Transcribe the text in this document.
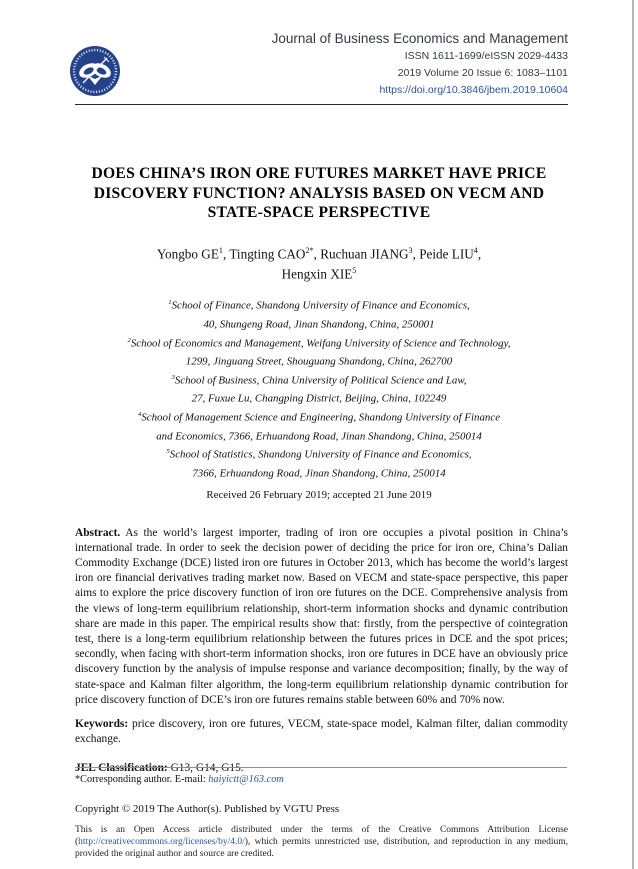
Journal of Business Economics and Management
ISSN 1611-1699/eISSN 2029-4433
2019 Volume 20 Issue 6: 1083–1101
https://doi.org/10.3846/jbem.2019.10604
DOES CHINA’S IRON ORE FUTURES MARKET HAVE PRICE
DISCOVERY FUNCTION? ANALYSIS BASED ON VECM AND
STATE-SPACE PERSPECTIVE
Yongbo $GE^1$, Tingting $CAO^{2*}$, Ruchuan JIANG$^3$, Peide LIU$^4$,
Hengxin XIE$^5$
$^1$School of Finance, Shandong University of Finance and Economics,
40, Shungeng Road, Jinan Shandong, China, 250001
$^2$School of Economics and Management, Weifang University of Science and Technology,
1299, Jinguang Street, Shouguang Shandong, China, 262700
$^3$School of Business, China University of Political Science and Law,
27, Fuxue Lu, Changping District, Beijing, China, 102249
$^4$School of Management Science and Engineering, Shandong University of Finance
and Economics, 7366, Erhuandong Road, Jinan Shandong, China, 250014
$^5$School of Statistics, Shandong University of Finance and Economics,
7366, Erhuandong Road, Jinan Shandong, China, 250014
Received 26 February 2019; accepted 21 June 2019
Abstract. As the world’s largest importer, trading of iron ore occupies a pivotal position in China’s international trade. In order to seek the decision power of deciding the price for iron ore, China’s Dalian Commodity Exchange (DCE) listed iron ore futures in October 2013, which has become the world’s largest iron ore financial derivatives trading market now. Based on VECM and state-space perspective, this paper aims to explore the price discovery function of iron ore futures on the DCE. Comprehensive analysis from the views of long-term equilibrium relationship, short-term information shocks and dynamic contribution share are made in this paper. The empirical results show that: firstly, from the perspective of cointegration test, there is a long-term equilibrium relationship between the futures prices in DCE and the spot prices; secondly, when facing with short-term information shocks, iron ore futures in DCE have an obviously price discovery function by the analysis of impulse response and variance decomposition; finally, by the way of state-space and Kalman filter algorithm, the long-term equilibrium relationship dynamic contribution for price discovery function of DCE’s iron ore futures remains stable between 60% and 70% now.
Keywords: price discovery, iron ore futures, VECM, state-space model, Kalman filter, dalian commodity exchange.
JEL Classification: G13, G14, G15.
*Corresponding author. E-mail: haiyictt@163.com
Copyright © 2019 The Author(s). Published by VGTU Press
This is an Open Access article distributed under the terms of the Creative Commons Attribution License (http://creativecommons.org/licenses/by/4.0/), which permits unrestricted use, distribution, and reproduction in any medium, provided the original author and source are credited.
